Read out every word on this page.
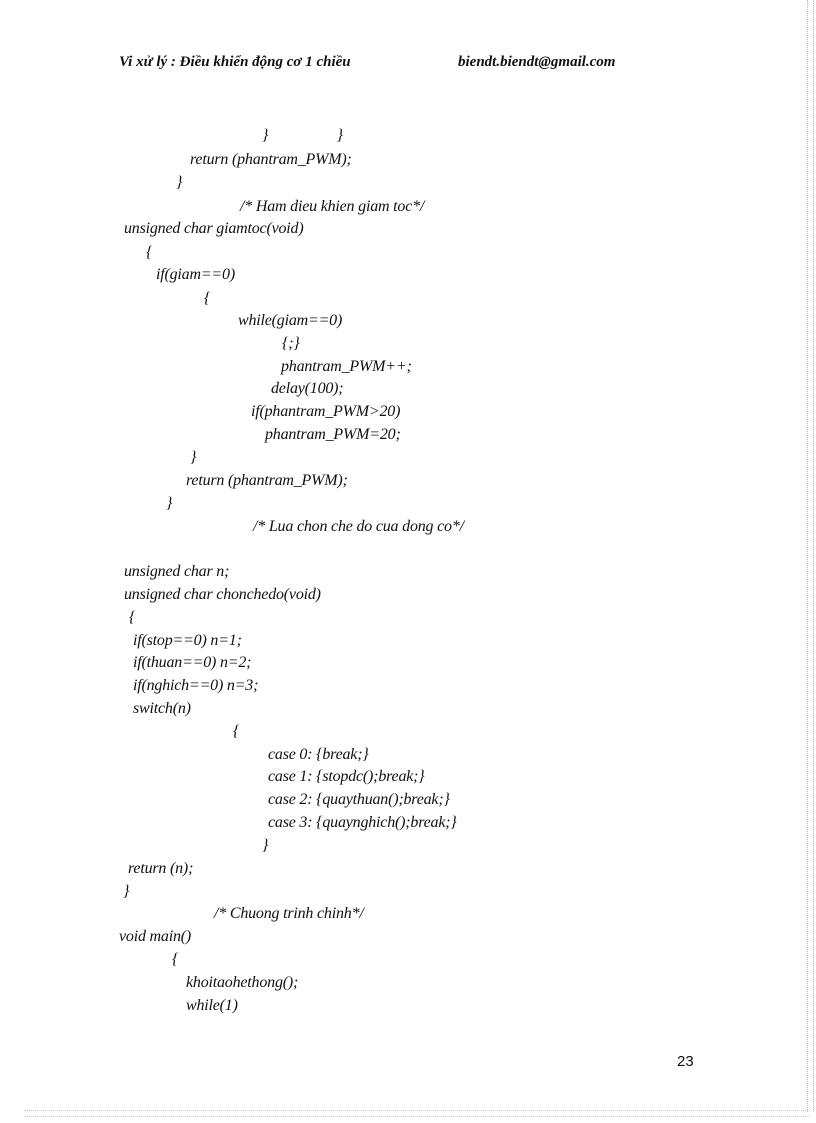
Vi xử lý : Điều khiển động cơ 1 chiều	biendt.biendt@gmail.com
}                  }
return (phantram_PWM);
}
/* Ham dieu khien giam toc*/
unsigned char giamtoc(void)
{
if(giam==0)
{
while(giam==0)
{;}
phantram_PWM++;
delay(100);
if(phantram_PWM>20)
phantram_PWM=20;
}
return (phantram_PWM);
}
/* Lua chon che do cua dong co*/
unsigned char n;
unsigned char chonchedo(void)
{
if(stop==0) n=1;
if(thuan==0) n=2;
if(nghich==0) n=3;
switch(n)
{
case 0: {break;}
case 1: {stopdc();break;}
case 2: {quaythuan();break;}
case 3: {quaynghich();break;}
}
return (n);
}
/* Chuong trinh chinh*/
void main()
{
khoitaohethong();
while(1)
23
